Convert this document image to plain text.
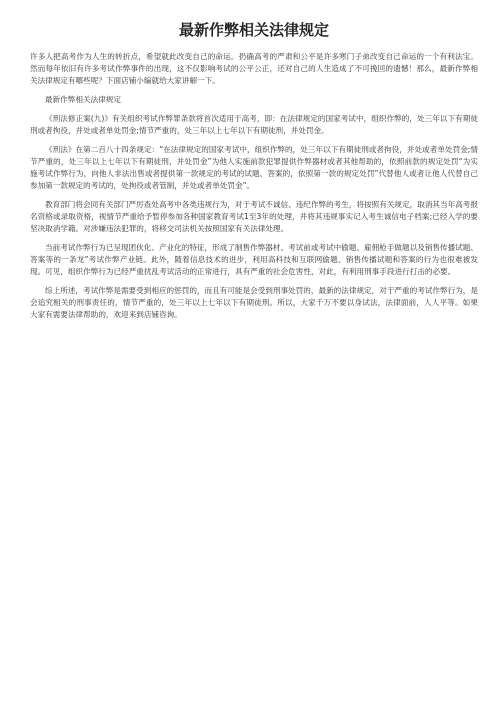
最新作弊相关法律规定

许多人把高考作为人生的转折点，希望就此改变自己的命运。扔确高考的严肃和公平是许多寒门子弟改变自己命运的一个有利法宝。然而每年依旧有许多考试作弊事件的出现，这不仅影响考试的公平公正，还对自己的人生造成了不可挽回的遗憾！那么，最新作弊相关法律规定有哪些呢？下面店铺小编就给大家讲解一下。

最新作弊相关法律规定

《刑法修正案(九)》有关组织考试作弊罪条款将首次适用于高考，即：在法律规定的国家考试中，组织作弊的，处三年以下有期徒刑或者拘役，并处或者单处罚金;情节严重的，处三年以上七年以下有期徒刑，并处罚金。

《刑法》在第二百八十四条规定：“在法律规定的国家考试中，组织作弊的，处三年以下有期徒刑或者拘役，并处或者单处罚金;情节严重的，处三年以上七年以下有期徒刑，并处罚金”为他人实施前款犯罪提供作弊器材或者其他帮助的，依照前款的规定处罚“为实施考试作弊行为，向他人非法出售或者提供第一款规定的考试的试题、答案的，依照第一款的规定处罚”代替他人或者让他人代替自己参加第一款规定的考试的，处拘役或者管制，并处或者单处罚金”。

教育部门将会同有关部门严厉查处高考中各类违规行为，对于考试不诚信、违纪作弊的考生，将按照有关规定，取消其当年高考报名资格或录取资格，视情节严重给予暂停参加各种国家教育考试1至3年的处理，并将其违规事实记入考生诚信电子档案;已经入学的要坚决取消学籍。对涉嫌违法犯罪的，将移交司法机关按照国家有关法律处理。

当前考试作弊行为已呈现团伙化、产业化的特征，形成了制售作弊器材、考试前或考试中偷题、雇佣枪手做题以及销售传播试题、答案等的一条龙”考试作弊产业链。此外，随着信息技术的进步，利用高科技和互联网偷题、销售传播试题和答案的行为也很难被发现。可见，组织作弊行为已经严重扰乱考试活动的正常进行，具有严重的社会危害性，对此，有利用刑事手段进行打击的必要。

综上所述，考试作弊是需要受到相应的惩罚的，而且有可能是会受到刑事处罚的，最新的法律规定，对于严重的考试作弊行为，是会追究相关的刑事责任的，情节严重的，处三年以上七年以下有期徒刑。所以，大家千万不要以身试法，法律面前，人人平等。如果大家有需要法律帮助的，欢迎来到店铺咨询。
